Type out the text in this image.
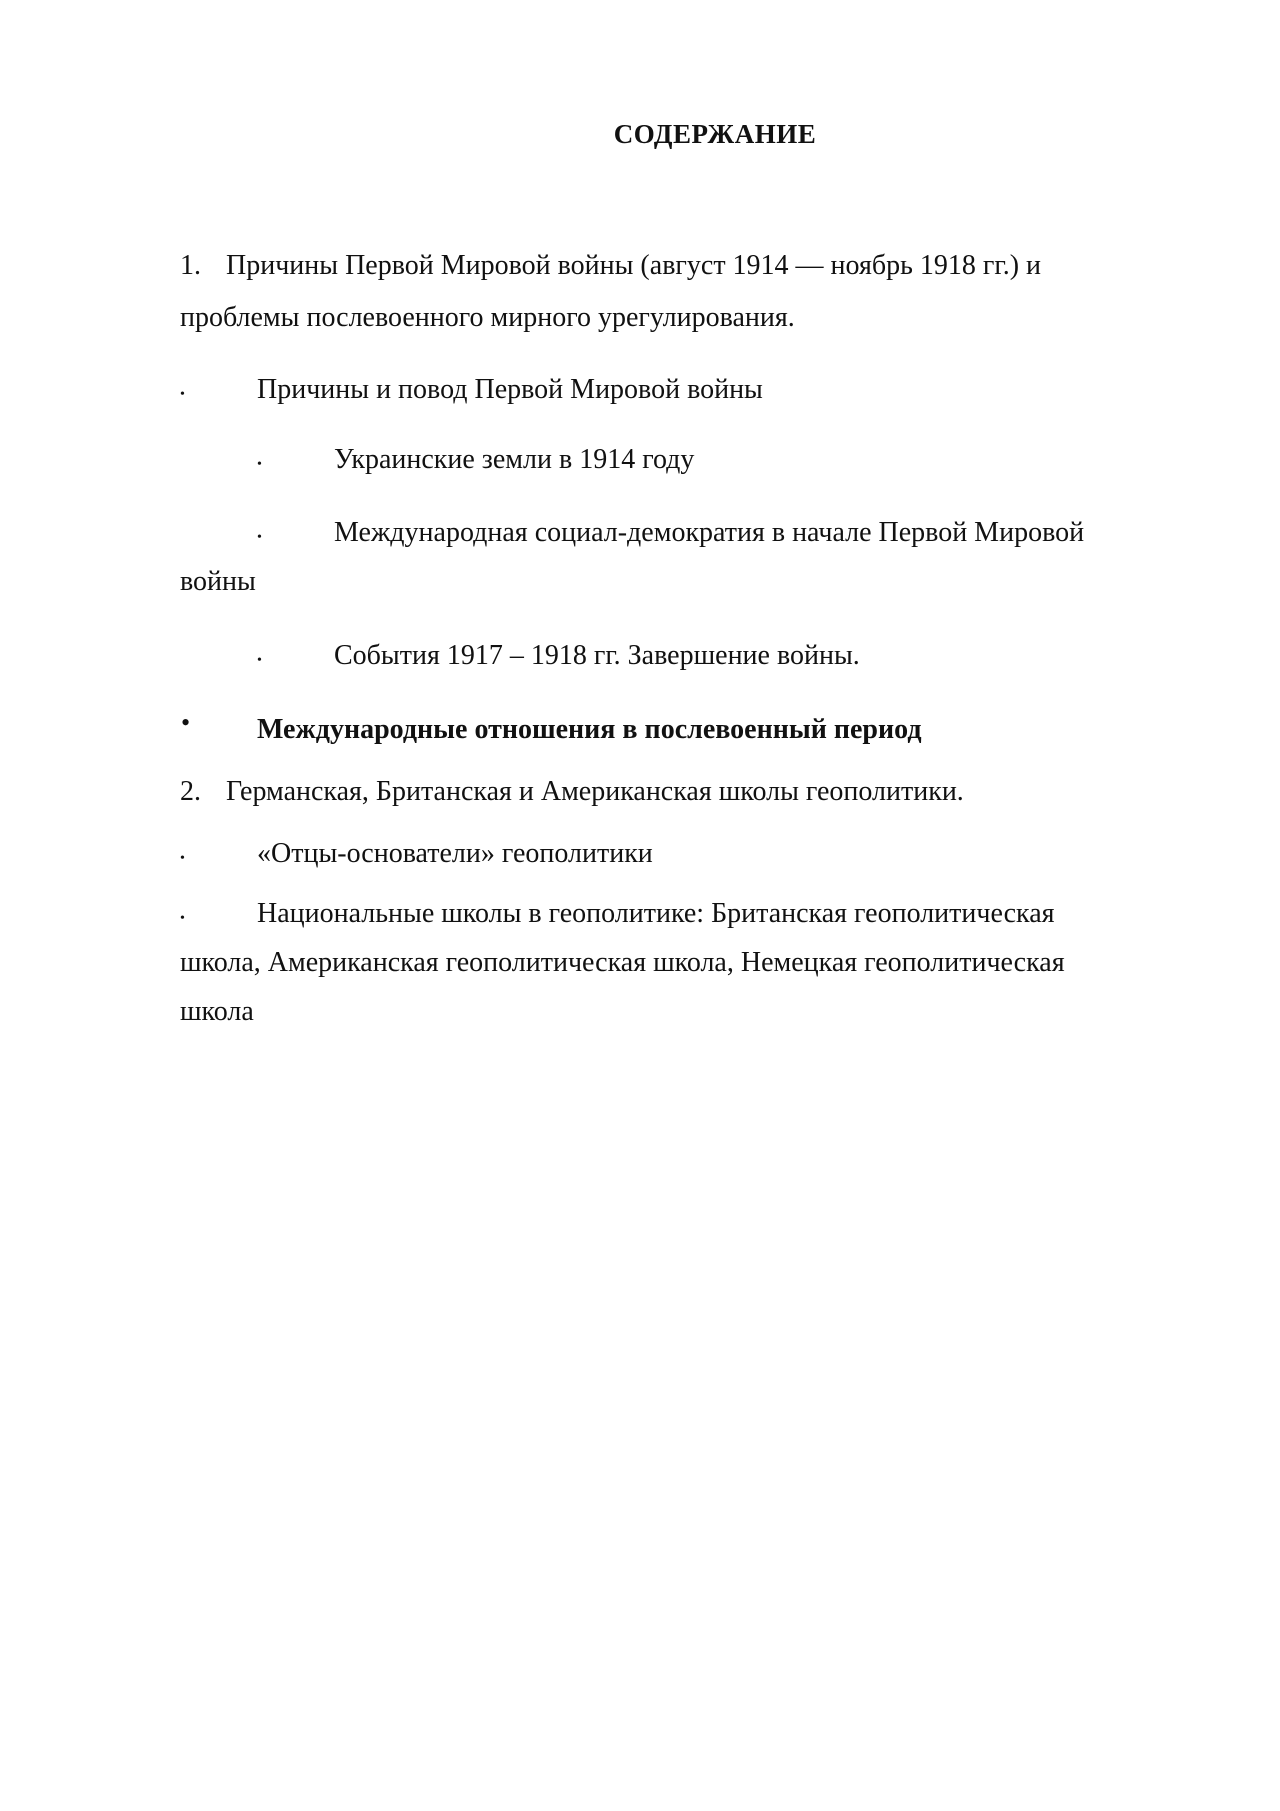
СОДЕРЖАНИЕ
1. Причины Первой Мировой войны (август 1914 — ноябрь 1918 гг.) и
проблемы послевоенного мирного урегулирования.
•	Причины и повод Первой Мировой войны
•	Украинские земли в 1914 году
•	Международная социал-демократия в начале Первой Мировой
войны
•	События 1917 – 1918 гг. Завершение войны.
• Международные отношения в послевоенный период
2. Германская, Британская и Американская школы геополитики.
•	«Отцы-основатели» геополитики
•	Национальные школы в геополитике: Британская геополитическая
школа, Американская геополитическая школа, Немецкая геополитическая
школа
